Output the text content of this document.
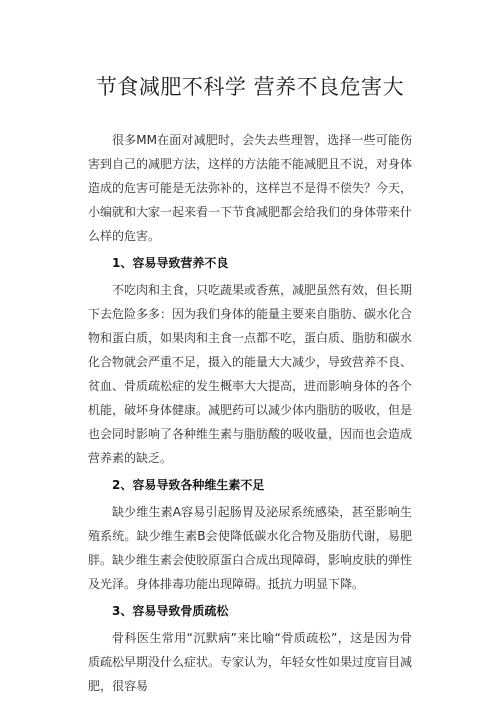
节食减肥不科学 营养不良危害大

很多MM在面对减肥时，会失去些理智，选择一些可能伤害到自己的减肥方法，这样的方法能不能减肥且不说，对身体造成的危害可能是无法弥补的，这样岂不是得不偿失？今天，小编就和大家一起来看一下节食减肥都会给我们的身体带来什么样的危害。

1、容易导致营养不良

不吃肉和主食，只吃蔬果或香蕉，减肥虽然有效，但长期下去危险多多：因为我们身体的能量主要来自脂肪、碳水化合物和蛋白质，如果肉和主食一点都不吃，蛋白质、脂肪和碳水化合物就会严重不足，摄入的能量大大减少，导致营养不良、贫血、骨质疏松症的发生概率大大提高，进而影响身体的各个机能，破坏身体健康。减肥药可以减少体内脂肪的吸收，但是也会同时影响了各种维生素与脂肪酸的吸收量，因而也会造成营养素的缺乏。

2、容易导致各种维生素不足

缺少维生素A容易引起肠胃及泌尿系统感染，甚至影响生殖系统。缺少维生素B会使降低碳水化合物及脂肪代谢，易肥胖。缺少维生素会使胶原蛋白合成出现障碍，影响皮肤的弹性及光泽。身体排毒功能出现障碍。抵抗力明显下降。

3、容易导致骨质疏松

骨科医生常用“沉默病”来比喻“骨质疏松”，这是因为骨质疏松早期没什么症状。专家认为，年轻女性如果过度盲目减肥，很容易
